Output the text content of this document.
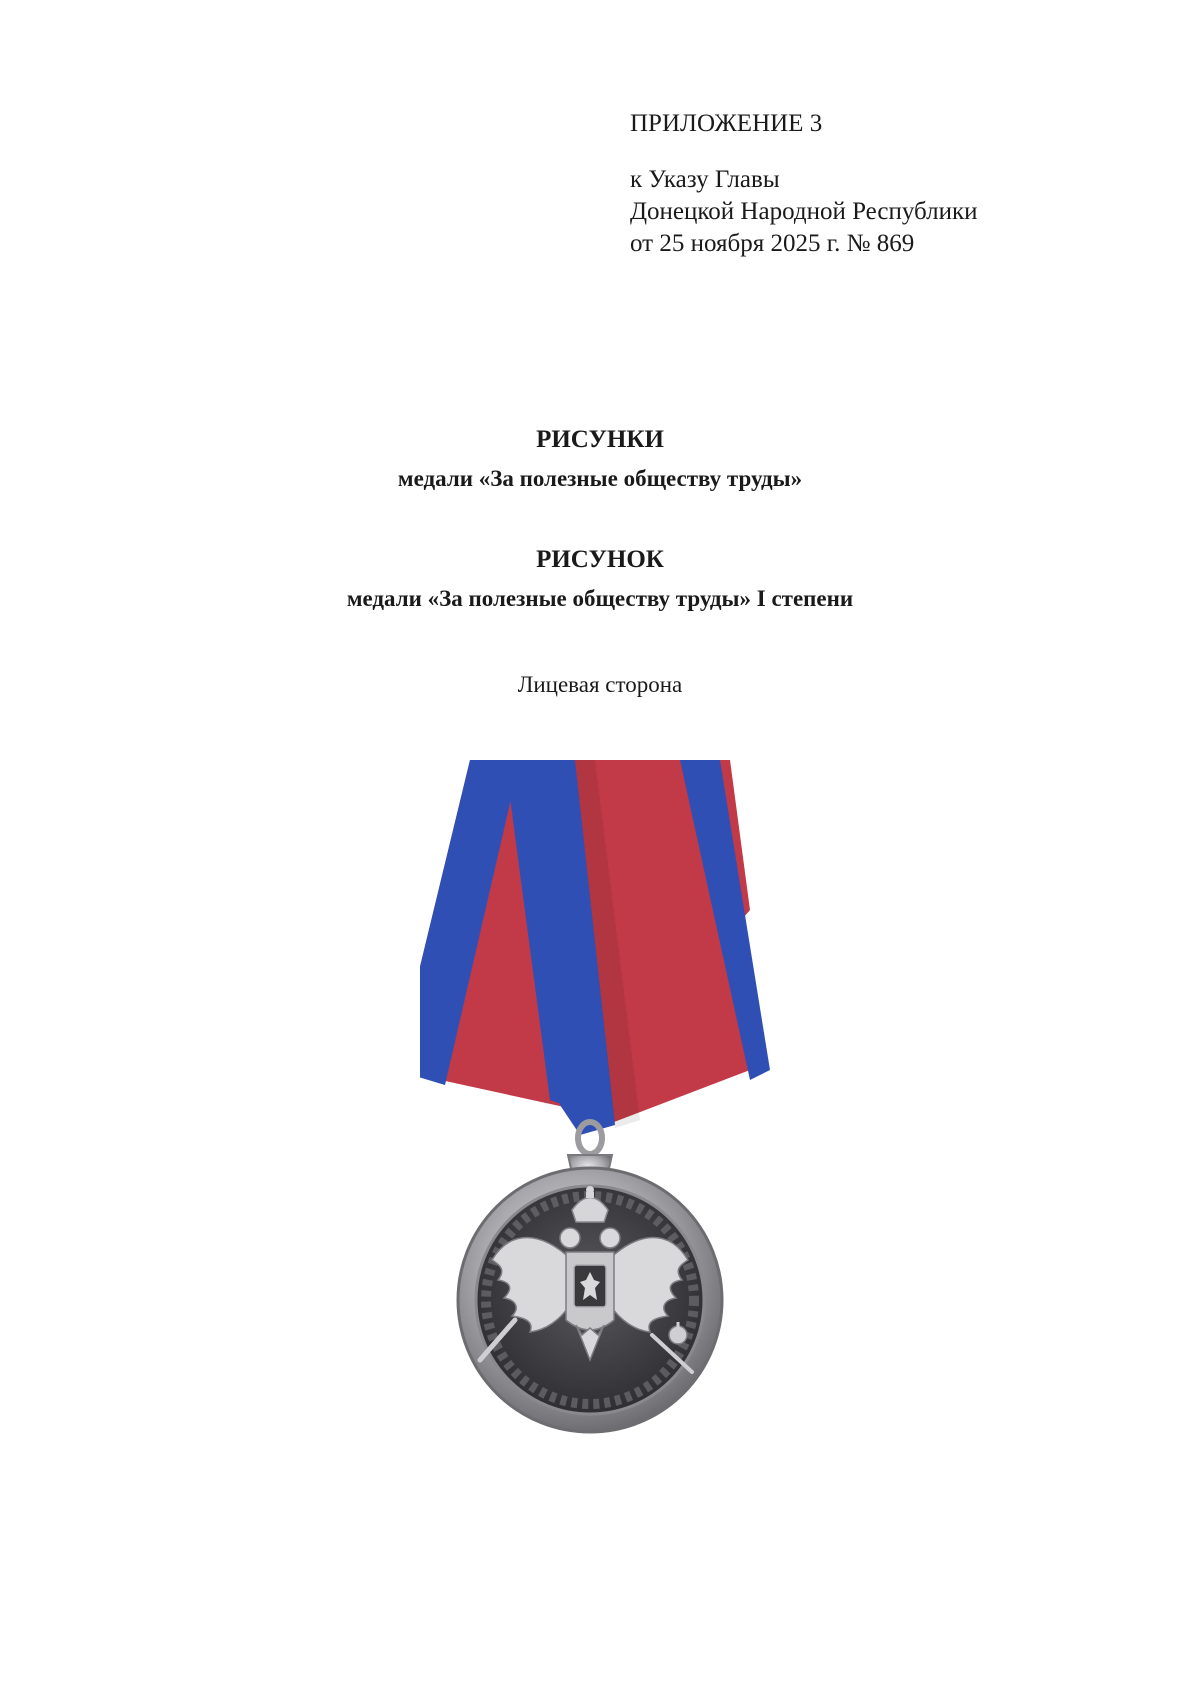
ПРИЛОЖЕНИЕ 3
к Указу Главы
Донецкой Народной Республики
от 25 ноября 2025 г. № 869
РИСУНКИ
медали «За полезные обществу труды»
РИСУНОК
медали «За полезные обществу труды» I степени
Лицевая сторона
